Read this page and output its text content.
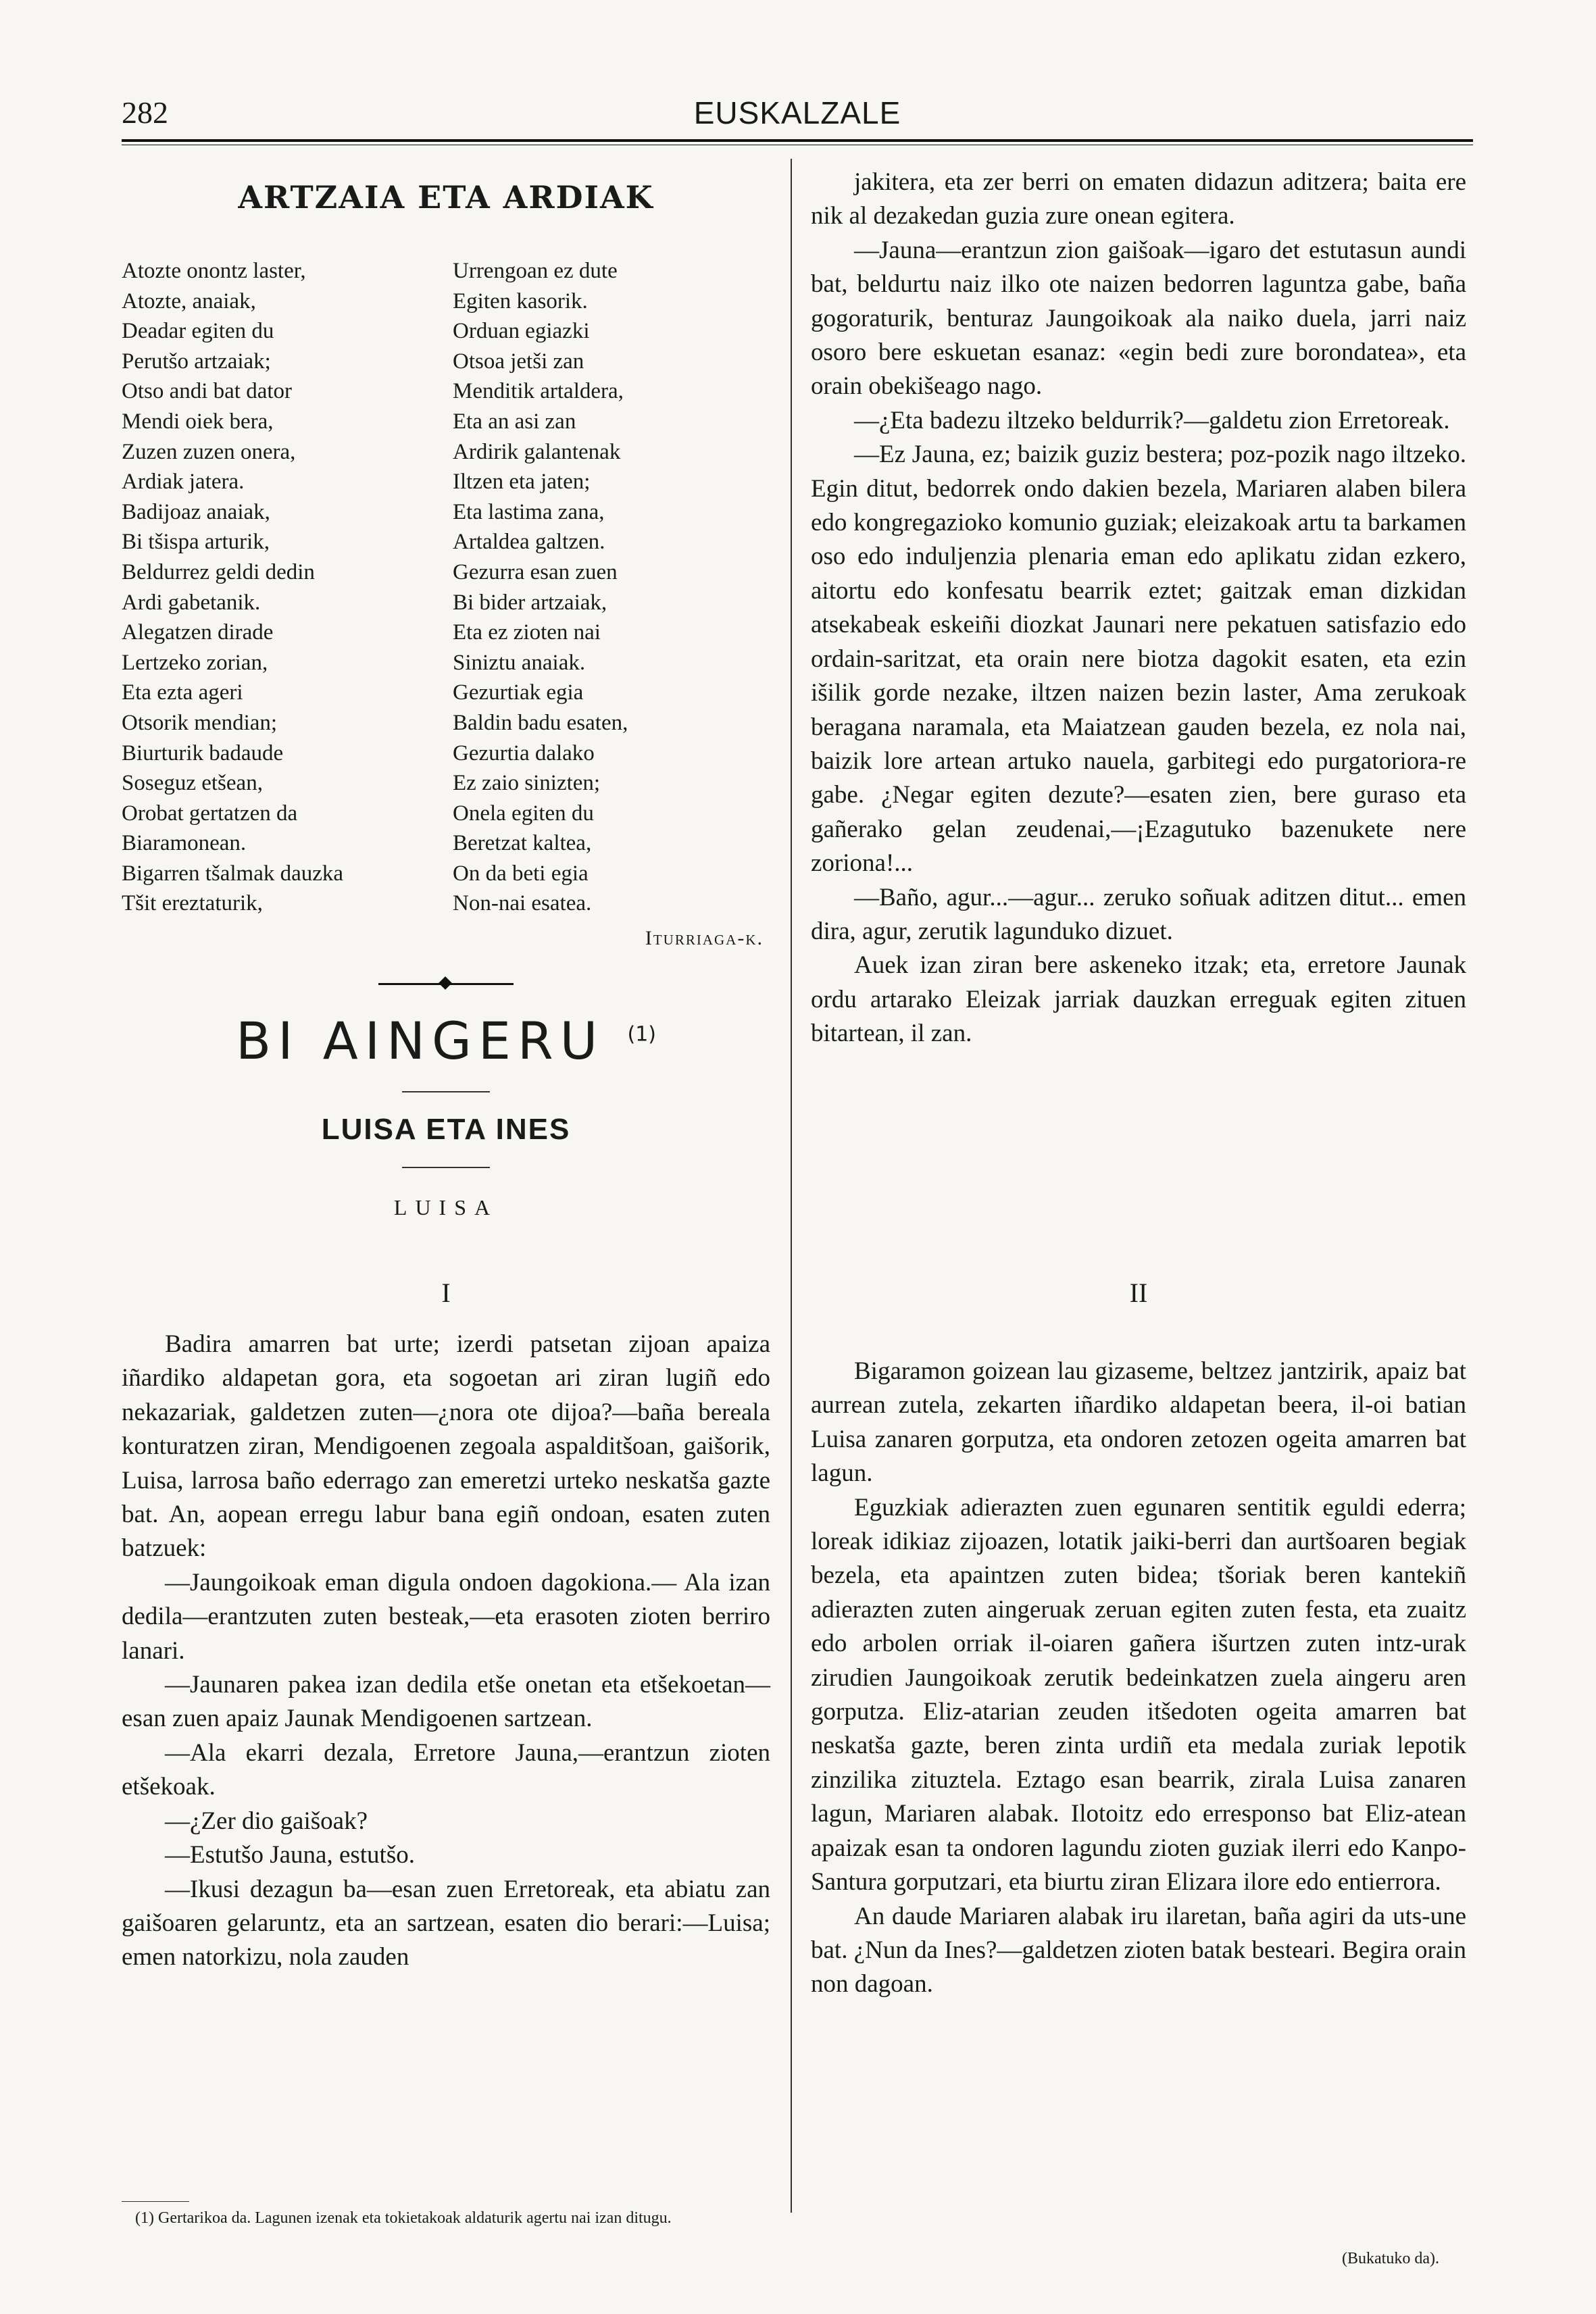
282	EUSKALZALE
ARTZAIA ETA ARDIAK
Atozte onontz laster,
Atozte, anaiak,
Deadar egiten du
Perutšo artzaiak;
Otso andi bat dator
Mendi oiek bera,
Zuzen zuzen onera,
Ardiak jatera.
Badijoaz anaiak,
Bi tšispa arturik,
Beldurrez geldi dedin
Ardi gabetanik.
Alegatzen dirade
Lertzeko zorian,
Eta ezta ageri
Otsorik mendian;
Biurturik badaude
Soseguz etšean,
Orobat gertatzen da
Biaramonean.
Bigarren tšalmak dauzka
Tšit ereztaturik,
Urrengoan ez dute
Egiten kasorik.
Orduan egiazki
Otsoa jetši zan
Menditik artaldera,
Eta an asi zan
Ardirik galantenak
Iltzen eta jaten;
Eta lastima zana,
Artaldea galtzen.
Gezurra esan zuen
Bi bider artzaiak,
Eta ez zioten nai
Siniztu anaiak.
Gezurtiak egia
Baldin badu esaten,
Gezurtia dalako
Ez zaio sinizten;
Onela egiten du
Beretzat kaltea,
On da beti egia
Non-nai esatea.
Iturriaga-k.
BI AINGERU $^{(1)}$
LUISA ETA INES
LUISA

jakitera, eta zer berri on ematen didazun aditzera; baita ere nik al dezakedan guzia zure onean egitera.

—Jauna—erantzun zion gaišoak—igaro det estutasun aundi bat, beldurtu naiz ilko ote naizen bedorren laguntza gabe, baña gogoraturik, benturaz Jaungoikoak ala naiko duela, jarri naiz osoro bere eskuetan esanaz: «egin bedi zure borondatea», eta orain obekišeago nago.

—¿Eta badezu iltzeko beldurrik?—galdetu zion Erretoreak.

—Ez Jauna, ez; baizik guziz bestera; poz-pozik nago iltzeko. Egin ditut, bedorrek ondo dakien bezela, Mariaren alaben bilera edo kongregazioko komunio guziak; eleizakoak artu ta barkamen oso edo induljenzia plenaria eman edo aplikatu zidan ezkero, aitortu edo konfesatu bearrik eztet; gaitzak eman dizkidan atsekabeak eskeiñi diozkat Jaunari nere pekatuen satisfazio edo ordain-saritzat, eta orain nere biotza dagokit esaten, eta ezin išilik gorde nezake, iltzen naizen bezin laster, Ama zerukoak beragana naramala, eta Maiatzean gauden bezela, ez nola nai, baizik lore artean artuko nauela, garbitegi edo purgatoriora-re gabe. ¿Negar egiten dezute?—esaten zien, bere guraso eta gañerako gelan zeudenai,—¡Ezagutuko bazenukete nere zoriona!...

—Baño, agur...—agur... zeruko soñuak aditzen ditut... emen dira, agur, zerutik lagunduko dizuet.

Auek izan ziran bere askeneko itzak; eta, erretore Jaunak ordu artarako Eleizak jarriak dauzkan erreguak egiten zituen bitartean, il zan.

I	II

Badira amarren bat urte; izerdi patsetan zijoan apaiza iñardiko aldapetan gora, eta sogoetan ari ziran lugiñ edo nekazariak, galdetzen zuten—¿nora ote dijoa?—baña bereala konturatzen ziran, Mendigoenen zegoala aspalditšoan, gaišorik, Luisa, larrosa baño ederrago zan emeretzi urteko neskatša gazte bat. An, aopean erregu labur bana egiñ ondoan, esaten zuten batzuek:

—Jaungoikoak eman digula ondoen dagokiona.— Ala izan dedila—erantzuten zuten besteak,—eta erasoten zioten berriro lanari.

—Jaunaren pakea izan dedila etše onetan eta etšekoetan—esan zuen apaiz Jaunak Mendigoenen sartzean.

—Ala ekarri dezala, Erretore Jauna,—erantzun zioten etšekoak.

—¿Zer dio gaišoak?

—Estutšo Jauna, estutšo.

—Ikusi dezagun ba—esan zuen Erretoreak, eta abiatu zan gaišoaren gelaruntz, eta an sartzean, esaten dio berari:—Luisa; emen natorkizu, nola zauden

Bigaramon goizean lau gizaseme, beltzez jantzirik, apaiz bat aurrean zutela, zekarten iñardiko aldapetan beera, il-oi batian Luisa zanaren gorputza, eta ondoren zetozen ogeita amarren bat lagun.

Eguzkiak adierazten zuen egunaren sentitik eguldi ederra; loreak idikiaz zijoazen, lotatik jaiki-berri dan aurtšoaren begiak bezela, eta apaintzen zuten bidea; tšoriak beren kantekiñ adierazten zuten aingeruak zeruan egiten zuten festa, eta zuaitz edo arbolen orriak il-oiaren gañera išurtzen zuten intz-urak zirudien Jaungoikoak zerutik bedeinkatzen zuela aingeru aren gorputza. Eliz-atarian zeuden itšedoten ogeita amarren bat neskatša gazte, beren zinta urdiñ eta medala zuriak lepotik zinzilika zituztela. Eztago esan bearrik, zirala Luisa zanaren lagun, Mariaren alabak. Ilotoitz edo erresponso bat Eliz-atean apaizak esan ta ondoren lagundu zioten guziak ilerri edo Kanpo-Santura gorputzari, eta biurtu ziran Elizara ilore edo entierrora.

An daude Mariaren alabak iru ilaretan, baña agiri da uts-une bat. ¿Nun da Ines?—galdetzen zioten batak besteari. Begira orain non dagoan.

(1) Gertarikoa da. Lagunen izenak eta tokietakoak aldaturik agertu nai izan ditugu.
(Bukatuko da).
